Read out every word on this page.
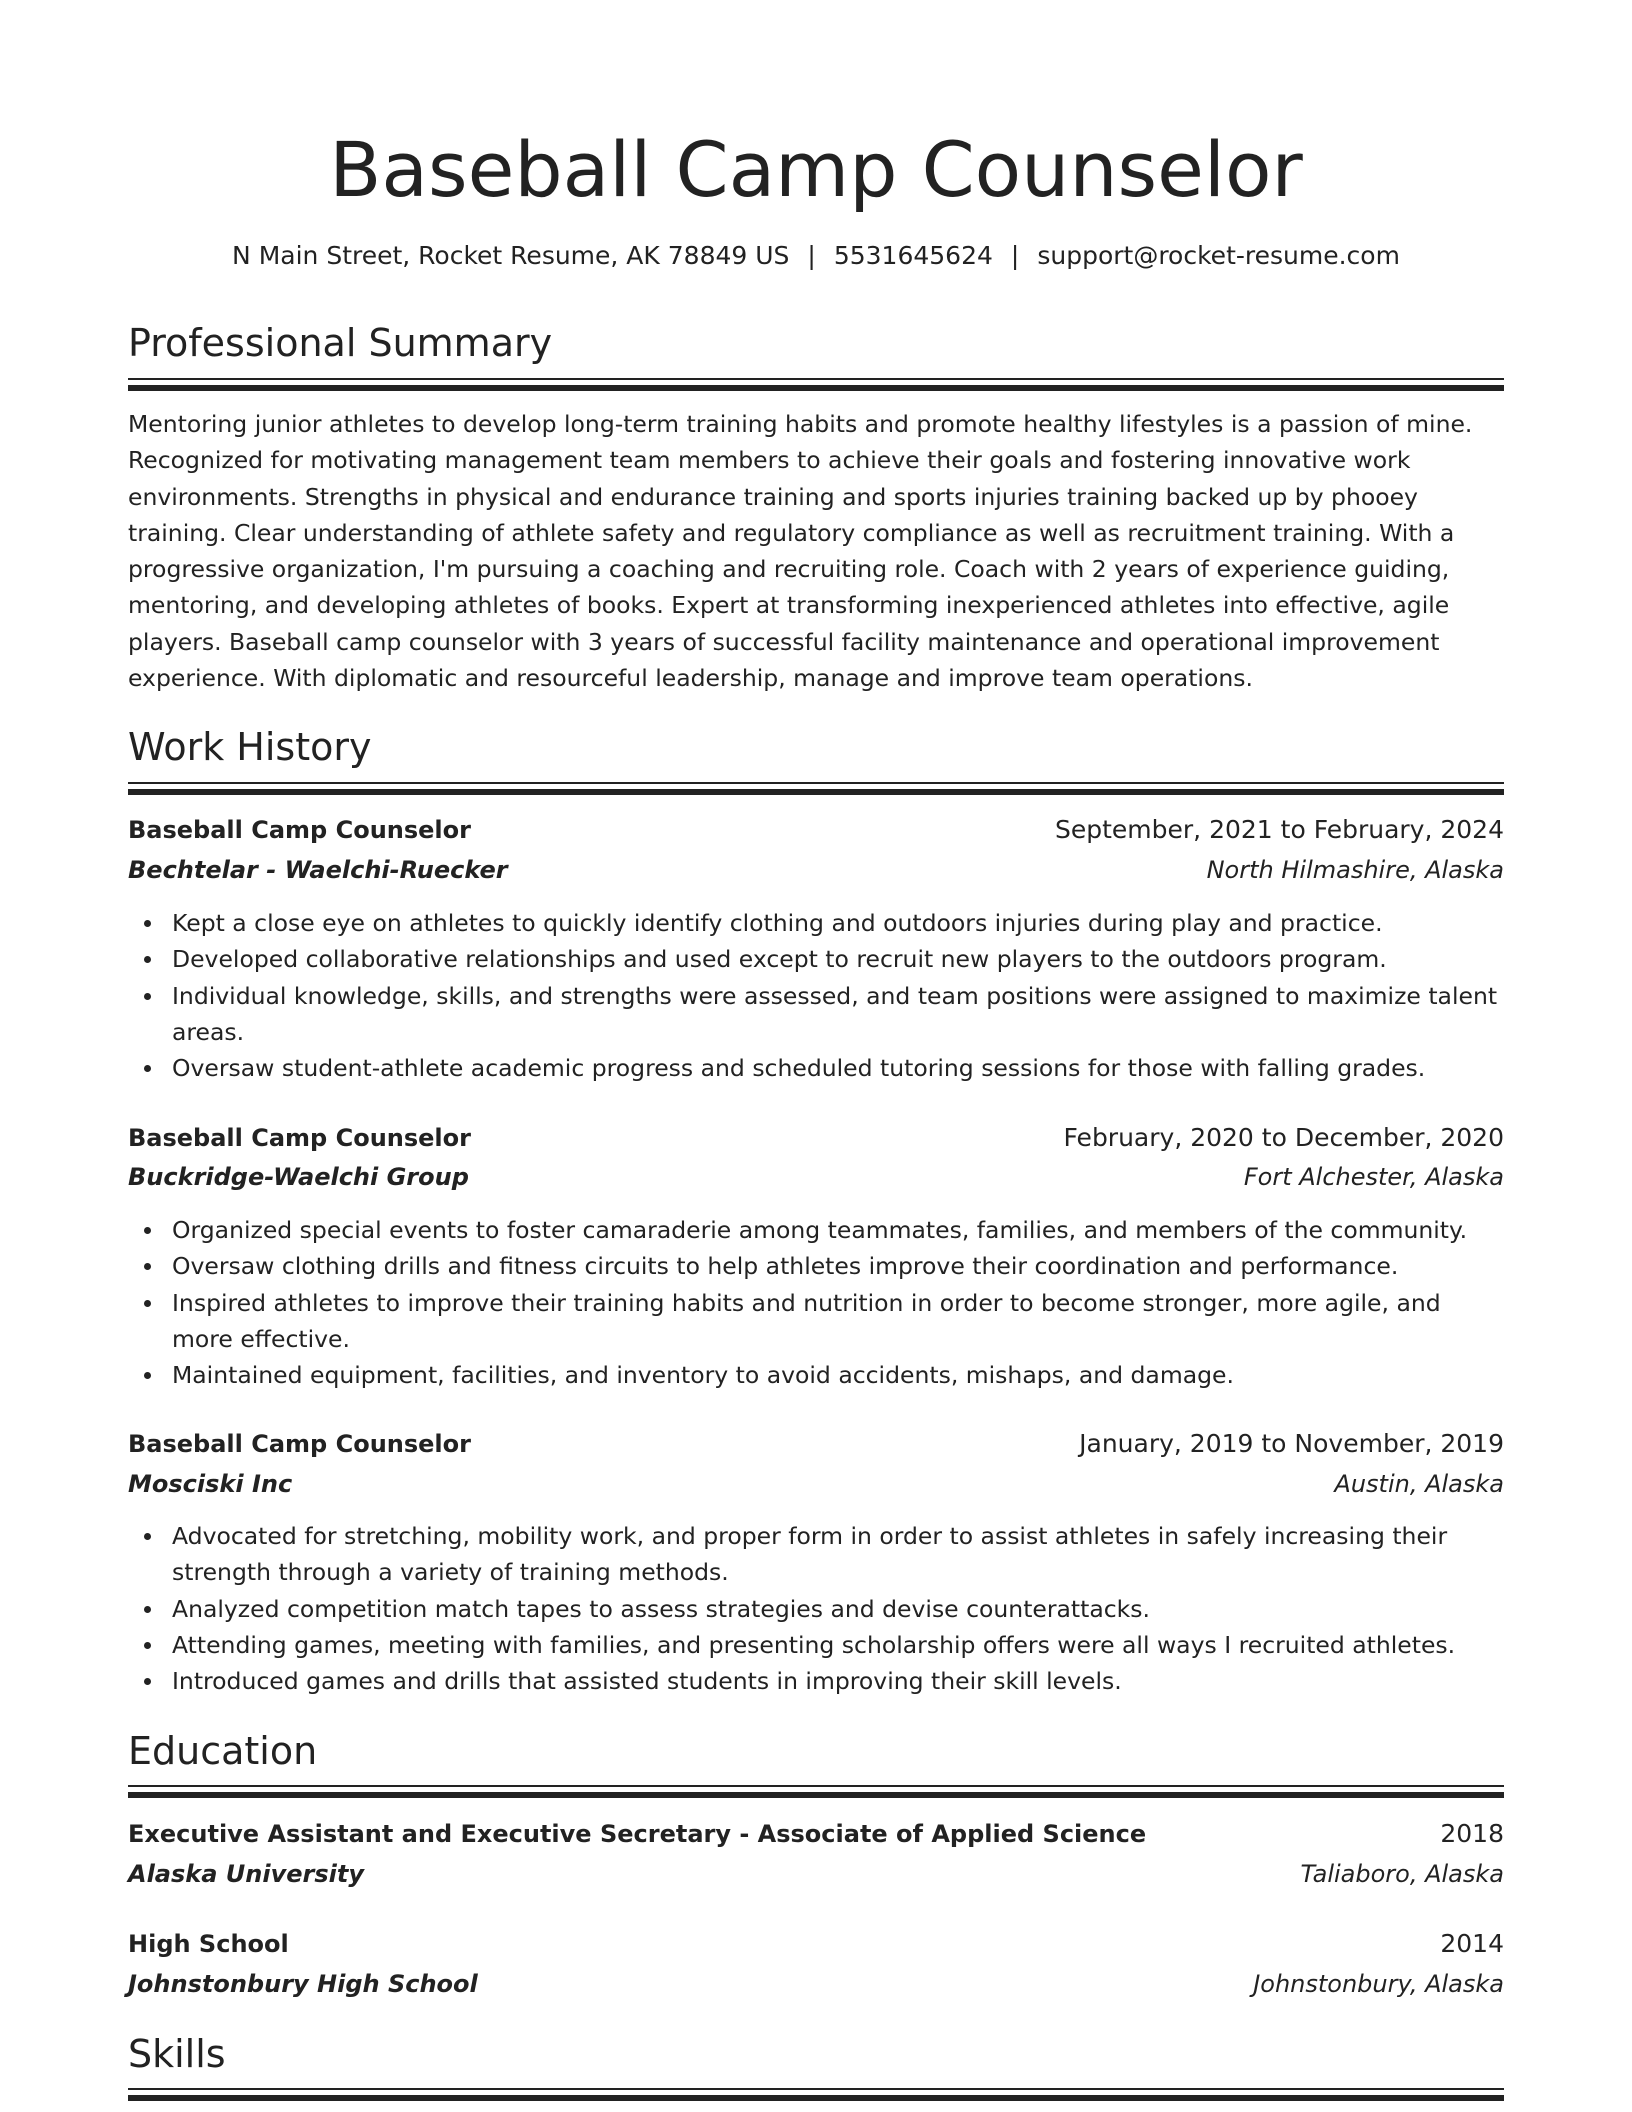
Baseball Camp Counselor
N Main Street, Rocket Resume, AK 78849 US | 5531645624 | support@rocket-resume.com
Professional Summary

Mentoring junior athletes to develop long-term training habits and promote healthy lifestyles is a passion of mine. Recognized for motivating management team members to achieve their goals and fostering innovative work environments. Strengths in physical and endurance training and sports injuries training backed up by phooey training. Clear understanding of athlete safety and regulatory compliance as well as recruitment training. With a progressive organization, I'm pursuing a coaching and recruiting role. Coach with 2 years of experience guiding, mentoring, and developing athletes of books. Expert at transforming inexperienced athletes into effective, agile players. Baseball camp counselor with 3 years of successful facility maintenance and operational improvement experience. With diplomatic and resourceful leadership, manage and improve team operations.

Work History
Baseball Camp Counselor	September, 2021 to February, 2024
Bechtelar - Waelchi-Ruecker	North Hilmashire, Alaska
Kept a close eye on athletes to quickly identify clothing and outdoors injuries during play and practice.
Developed collaborative relationships and used except to recruit new players to the outdoors program.
Individual knowledge, skills, and strengths were assessed, and team positions were assigned to maximize talent areas.
Oversaw student-athlete academic progress and scheduled tutoring sessions for those with falling grades.
Baseball Camp Counselor	February, 2020 to December, 2020
Buckridge-Waelchi Group	Fort Alchester, Alaska
Organized special events to foster camaraderie among teammates, families, and members of the community.
Oversaw clothing drills and fitness circuits to help athletes improve their coordination and performance.
Inspired athletes to improve their training habits and nutrition in order to become stronger, more agile, and more effective.
Maintained equipment, facilities, and inventory to avoid accidents, mishaps, and damage.
Baseball Camp Counselor	January, 2019 to November, 2019
Mosciski Inc	Austin, Alaska
Advocated for stretching, mobility work, and proper form in order to assist athletes in safely increasing their strength through a variety of training methods.
Analyzed competition match tapes to assess strategies and devise counterattacks.
Attending games, meeting with families, and presenting scholarship offers were all ways I recruited athletes.
Introduced games and drills that assisted students in improving their skill levels.
Education
Executive Assistant and Executive Secretary - Associate of Applied Science	2018
Alaska University	Taliaboro, Alaska
High School	2014
Johnstonbury High School	Johnstonbury, Alaska
Skills
